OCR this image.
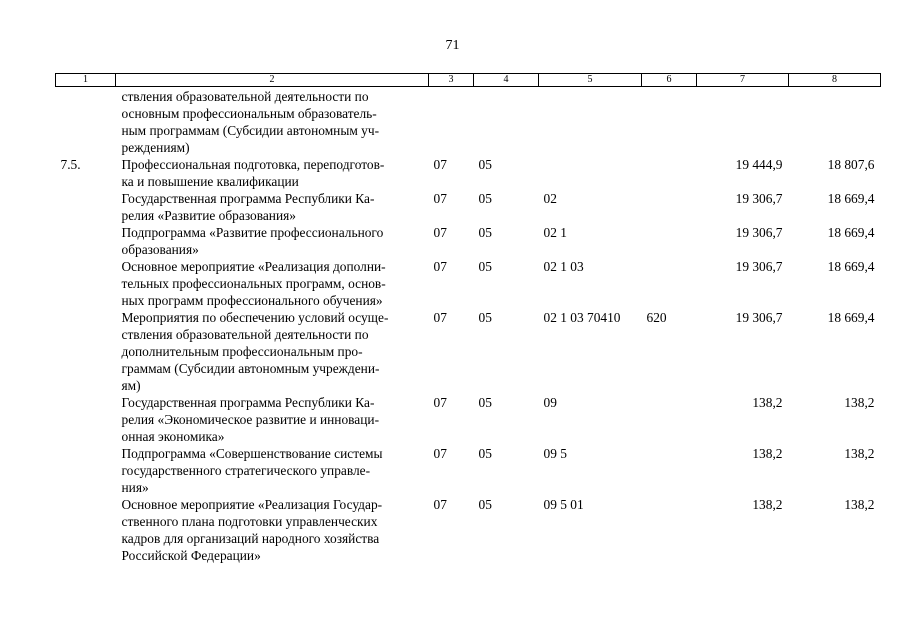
71
1	2	3	4	5	6	7	8

	ствления образовательной деятельности по
основным профессиональным образователь-
ным программам (Субсидии автономным уч-
реждениям)						

7.5.	Профессиональная подготовка, переподготов-
ка и повышение квалификации	07	05			19 444,9	18 807,6

	Государственная программа Республики Ка-
релия «Развитие образования»	07	05	02		19 306,7	18 669,4

	Подпрограмма «Развитие профессионального
образования»	07	05	02 1		19 306,7	18 669,4

	Основное мероприятие «Реализация дополни-
тельных профессиональных программ, основ-
ных программ профессионального обучения»	07	05	02 1 03		19 306,7	18 669,4

	Мероприятия по обеспечению условий осуще-
ствления образовательной деятельности по
дополнительным профессиональным про-
граммам (Субсидии автономным учреждени-
ям)	07	05	02 1 03 70410	620	19 306,7	18 669,4

	Государственная программа Республики Ка-
релия «Экономическое развитие и инноваци-
онная экономика»	07	05	09		138,2	138,2

	Подпрограмма «Совершенствование системы
государственного стратегического управле-
ния»	07	05	09 5		138,2	138,2

	Основное мероприятие «Реализация Государ-
ственного плана подготовки управленческих
кадров для организаций народного хозяйства
Российской Федерации»	07	05	09 5 01		138,2	138,2
